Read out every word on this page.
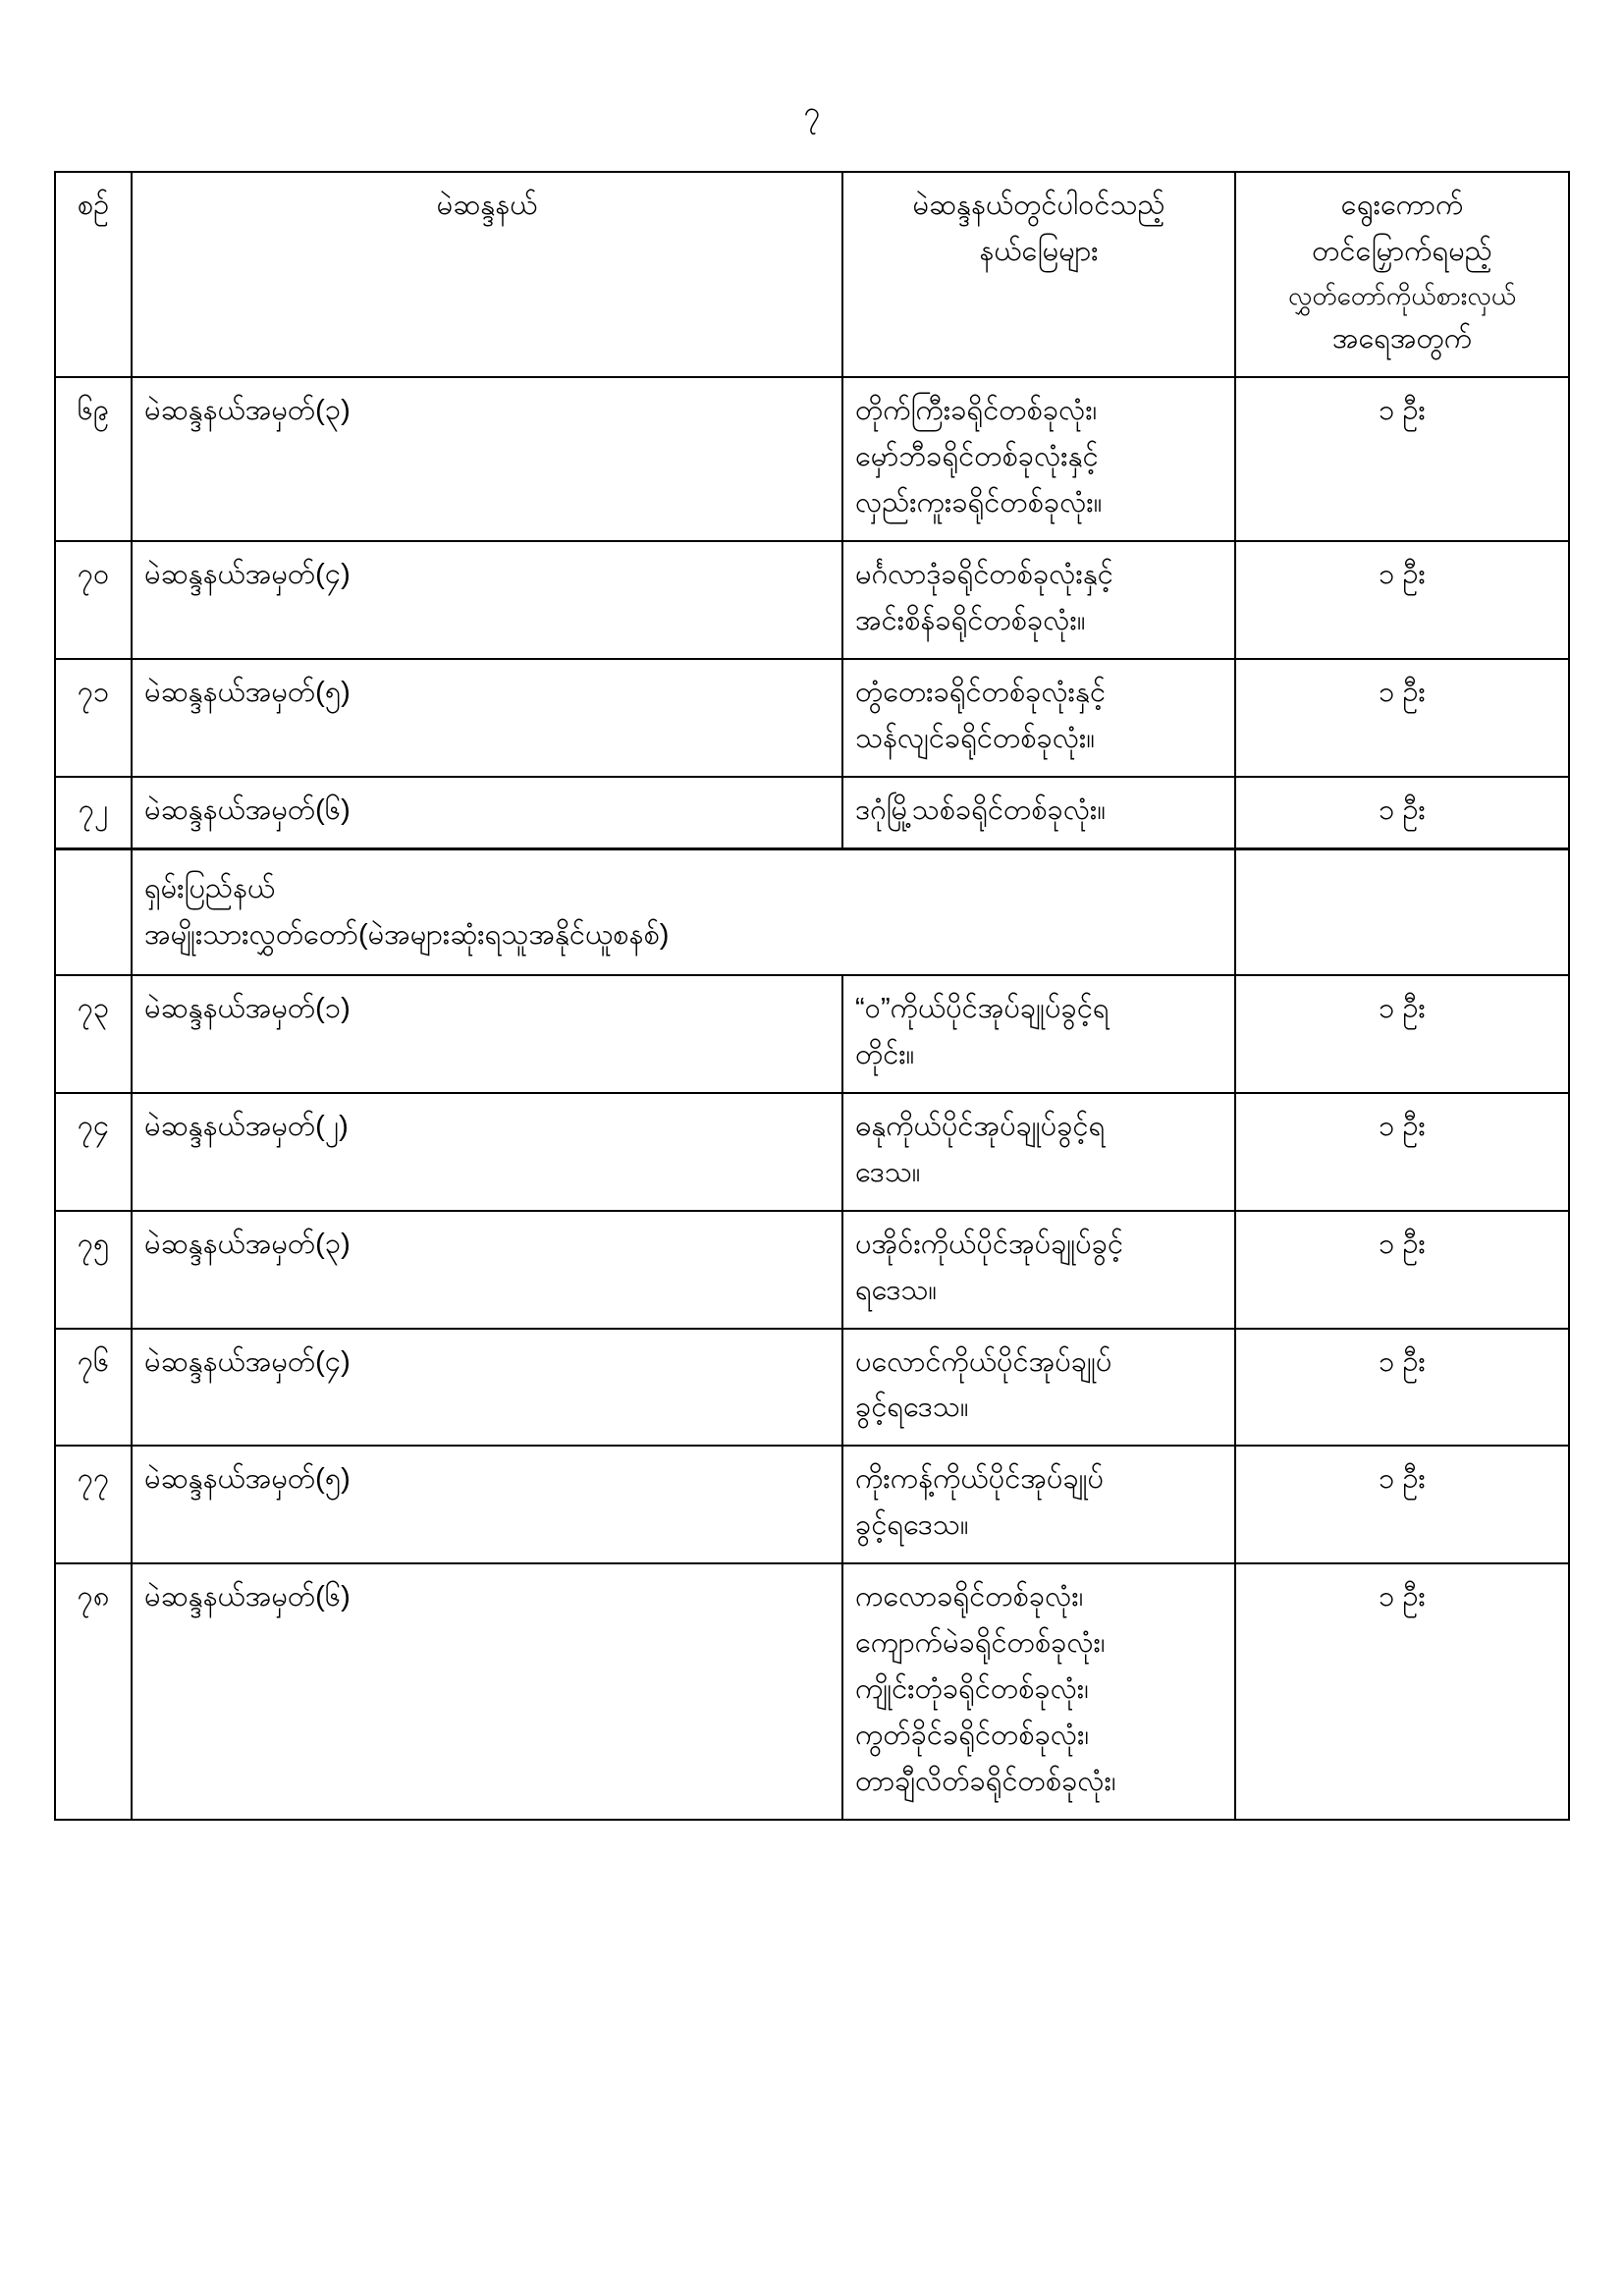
၇
စဉ်	မဲဆန္ဒနယ်	မဲဆန္ဒနယ်တွင်ပါဝင်သည့်
နယ်မြေများ	ရွေးကောက်
တင်မြှောက်ရမည့်
လွှတ်တော်ကိုယ်စားလှယ်
အရေအတွက်

၆၉	မဲဆန္ဒနယ်အမှတ်(၃)	တိုက်ကြီးခရိုင်တစ်ခုလုံး၊
မှော်ဘီခရိုင်တစ်ခုလုံးနှင့်
လှည်းကူးခရိုင်တစ်ခုလုံး။	၁ ဦး
၇၀	မဲဆန္ဒနယ်အမှတ်(၄)	မင်္ဂလာဒုံခရိုင်တစ်ခုလုံးနှင့်
အင်းစိန်ခရိုင်တစ်ခုလုံး။	၁ ဦး
၇၁	မဲဆန္ဒနယ်အမှတ်(၅)	တွံတေးခရိုင်တစ်ခုလုံးနှင့်
သန်လျင်ခရိုင်တစ်ခုလုံး။	၁ ဦး
၇၂	မဲဆန္ဒနယ်အမှတ်(၆)	ဒဂုံမြို့သစ်ခရိုင်တစ်ခုလုံး။	၁ ဦး

	ရှမ်းပြည်နယ်
အမျိုးသားလွှတ်တော်(မဲအများဆုံးရသူအနိုင်ယူစနစ်)		

၇၃	မဲဆန္ဒနယ်အမှတ်(၁)	“ဝ”ကိုယ်ပိုင်အုပ်ချုပ်ခွင့်ရ
တိုင်း။	၁ ဦး
၇၄	မဲဆန္ဒနယ်အမှတ်(၂)	ဓနုကိုယ်ပိုင်အုပ်ချုပ်ခွင့်ရ
ဒေသ။	၁ ဦး
၇၅	မဲဆန္ဒနယ်အမှတ်(၃)	ပအိုဝ်းကိုယ်ပိုင်အုပ်ချုပ်ခွင့်
ရဒေသ။	၁ ဦး
၇၆	မဲဆန္ဒနယ်အမှတ်(၄)	ပလောင်ကိုယ်ပိုင်အုပ်ချုပ်
ခွင့်ရဒေသ။	၁ ဦး
၇၇	မဲဆန္ဒနယ်အမှတ်(၅)	ကိုးကန့်ကိုယ်ပိုင်အုပ်ချုပ်
ခွင့်ရဒေသ။	၁ ဦး
၇၈	မဲဆန္ဒနယ်အမှတ်(၆)	ကလောခရိုင်တစ်ခုလုံး၊
ကျောက်မဲခရိုင်တစ်ခုလုံး၊
ကျိုင်းတုံခရိုင်တစ်ခုလုံး၊
ကွတ်ခိုင်ခရိုင်တစ်ခုလုံး၊
တာချီလိတ်ခရိုင်တစ်ခုလုံး၊	၁ ဦး
